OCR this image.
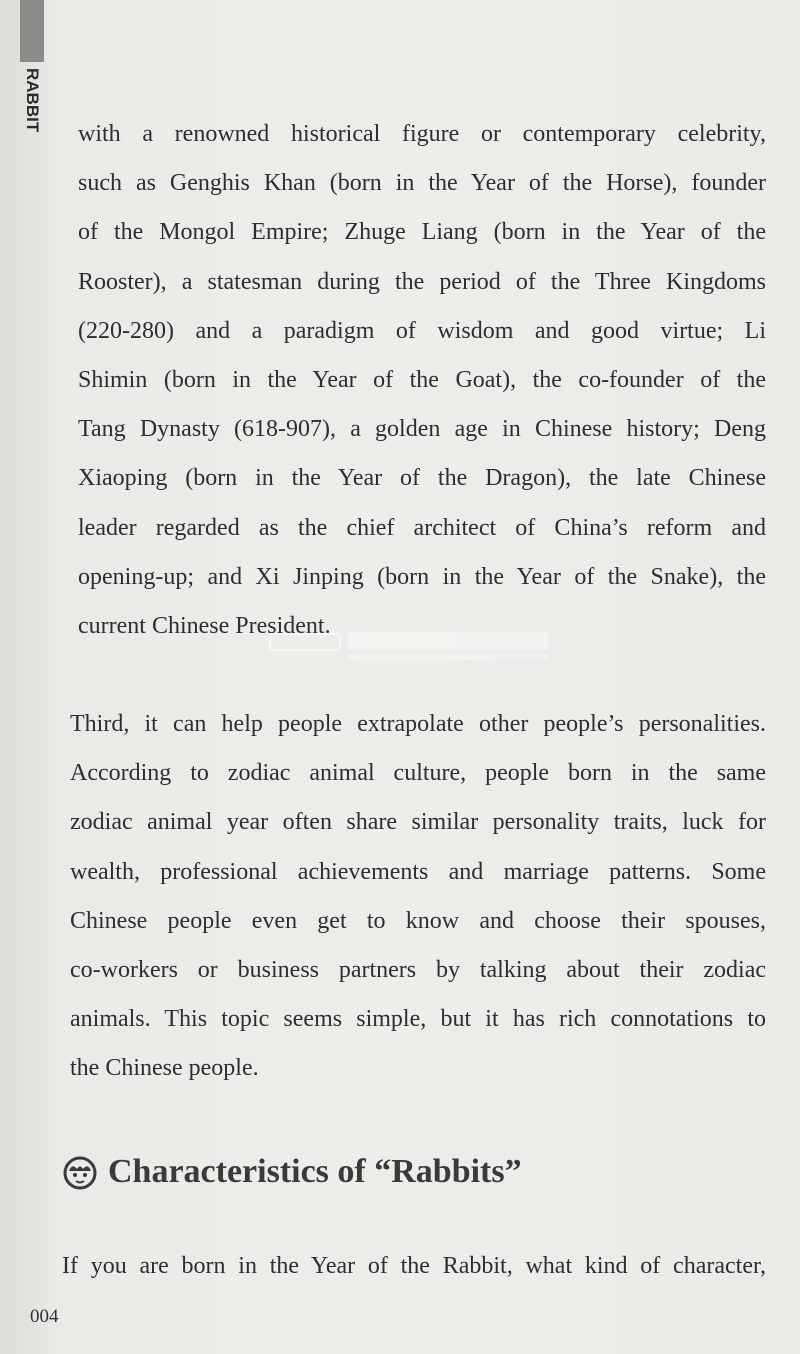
RABBIT
with a renowned historical figure or contemporary celebrity,
such as Genghis Khan (born in the Year of the Horse), founder
of the Mongol Empire; Zhuge Liang (born in the Year of the
Rooster), a statesman during the period of the Three Kingdoms
(220-280) and a paradigm of wisdom and good virtue; Li
Shimin (born in the Year of the Goat), the co-founder of the
Tang Dynasty (618-907), a golden age in Chinese history; Deng
Xiaoping (born in the Year of the Dragon), the late Chinese
leader regarded as the chief architect of China’s reform and
opening-up; and Xi Jinping (born in the Year of the Snake), the
current Chinese President.
Third, it can help people extrapolate other people’s personalities.
According to zodiac animal culture, people born in the same
zodiac animal year often share similar personality traits, luck for
wealth, professional achievements and marriage patterns. Some
Chinese people even get to know and choose their spouses,
co-workers or business partners by talking about their zodiac
animals. This topic seems simple, but it has rich connotations to
the Chinese people.
Characteristics of “Rabbits”

If you are born in the Year of the Rabbit, what kind of character,

004
